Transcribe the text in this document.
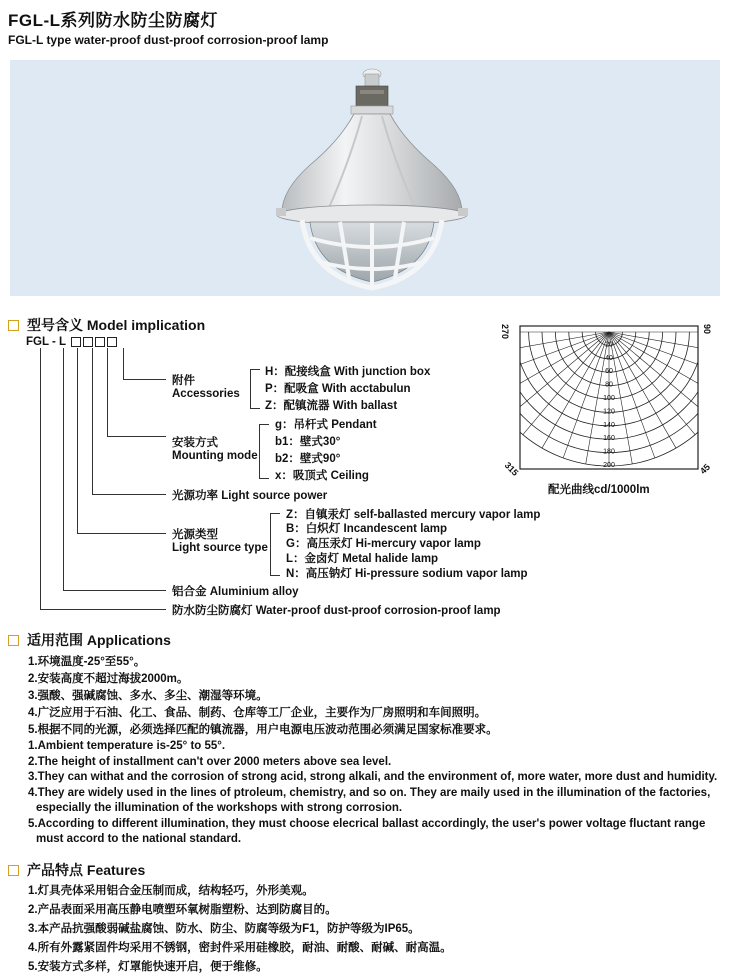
FGL-L系列防水防尘防腐灯
FGL-L type water-proof dust-proof corrosion-proof lamp
型号含义 Model implication
FGL - L
附件
Accessories
H：配接线盒 With junction box
P：配吸盒 With acctabulun
Z：配镇流器 With ballast
安装方式
Mounting mode
g：吊杆式 Pendant
b1：壁式30°
b2：壁式90°
x：吸顶式 Ceiling
光源功率 Light source power
光源类型
Light source type
Z：自镇汞灯 self-ballasted mercury vapor lamp
B：白炽灯 Incandescent lamp
G：高压汞灯 Hi-mercury vapor lamp
L：金卤灯 Metal halide lamp
N：高压钠灯 Hi-pressure sodium vapor lamp
铝合金 Aluminium alloy
防水防尘防腐灯 Water-proof dust-proof corrosion-proof lamp
20
40
60
80
100
120
140
160
180
200
270	90
315	45
配光曲线cd/1000lm
适用范围 Applications
1.环境温度-25°至55°。
2.安装高度不超过海拔2000m。
3.强酸、强碱腐蚀、多水、多尘、潮湿等环境。
4.广泛应用于石油、化工、食品、制药、仓库等工厂企业，主要作为厂房照明和车间照明。
5.根据不同的光源，必须选择匹配的镇流器，用户电源电压波动范围必须满足国家标准要求。
1.Ambient temperature is-25° to 55°.
2.The height of installment can't over 2000 meters above sea level.
3.They can withat and the corrosion of strong acid, strong alkali, and the environment of, more water, more dust and humidity.
4.They are widely used in the lines of ptroleum, chemistry, and so on. They are maily used in the illumination of the factories,
especially the illumination of the workshops with strong corrosion.
5.According to different illumination, they must choose elecrical ballast accordingly, the user's power voltage fluctant range
must accord to the national standard.
产品特点 Features
1.灯具壳体采用铝合金压制而成，结构轻巧，外形美观。
2.产品表面采用高压静电喷塑环氧树脂塑粉、达到防腐目的。
3.本产品抗强酸弱碱盐腐蚀、防水、防尘、防腐等级为F1，防护等级为IP65。
4.所有外露紧固件均采用不锈钢，密封件采用硅橡胶，耐油、耐酸、耐碱、耐高温。
5.安装方式多样，灯罩能快速开启，便于维修。
